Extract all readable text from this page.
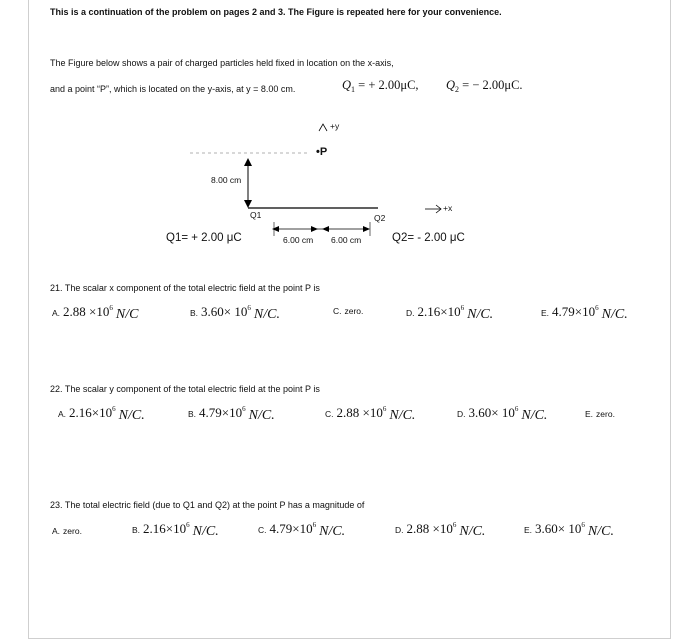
This is a continuation of the problem on pages 2 and 3. The Figure is repeated here for your convenience.
The Figure below shows a pair of charged particles held fixed in location on the x-axis,
and a point “P”, which is located on the y-axis, at y = 8.00 cm.	$Q_1$ = + 2.00μC, $Q_2$ = − 2.00μC.
+y
•P
8.00 cm
Q1	Q2
+x
6.00 cm 6.00 cm
Q1= + 2.00 μC	Q2= - 2.00 μC
21. The scalar x component of the total electric field at the point P is
A. $2.88 \times 10^6$ N/C	B. $3.60\times 10^6$ N/C.	C. zero.	D. $2.16\times 10^6$ N/C.	E. $4.79\times 10^6$ N/C.
22. The scalar y component of the total electric field at the point P is
A. $2.16\times 10^6$ N/C.	B. $4.79\times 10^6$ N/C.	C. $2.88 \times 10^6$ N/C.	D. $3.60\times 10^6$ N/C.	E. zero.
23. The total electric field (due to Q1 and Q2) at the point P has a magnitude of
A. zero.	B. $2.16\times 10^6$ N/C.	C. $4.79\times 10^6$ N/C.	D. $2.88 \times 10^6$ N/C.	E. $3.60\times 10^6$ N/C.
